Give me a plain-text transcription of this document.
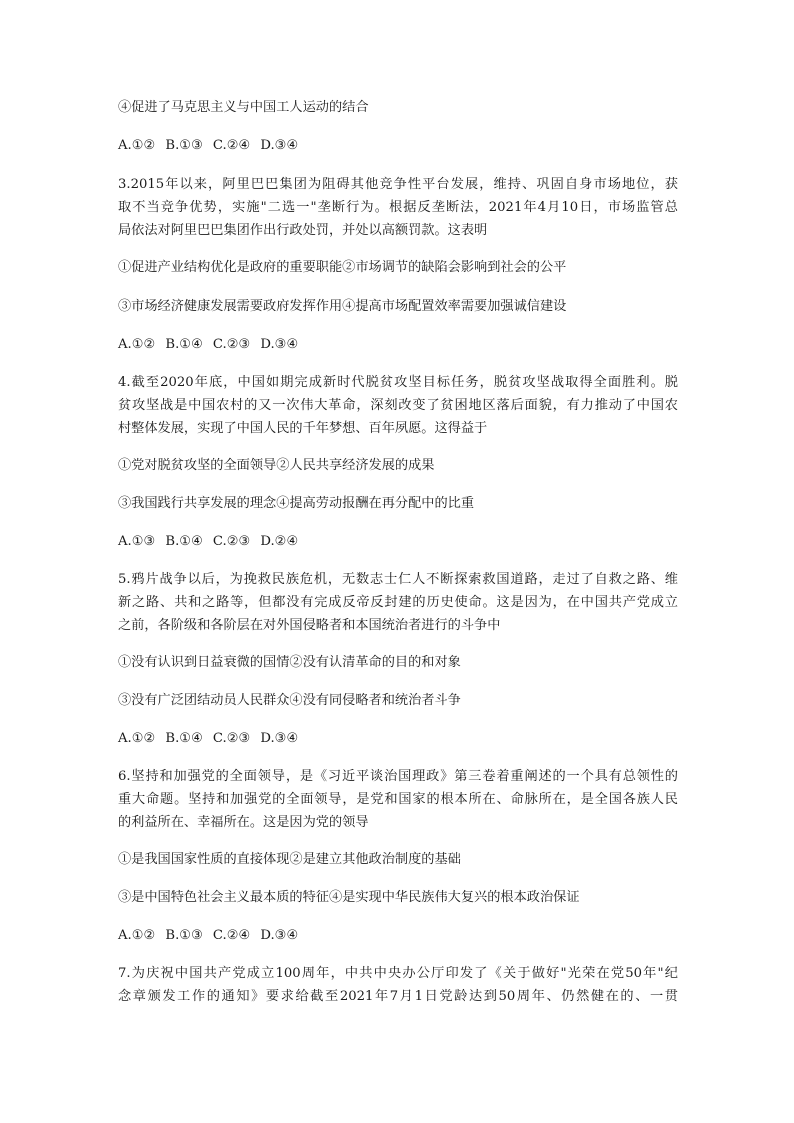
④促进了马克思主义与中国工人运动的结合
A.①② B.①③ C.②④ D.③④
3.2015年以来，阿里巴巴集团为阻碍其他竞争性平台发展，维持、巩固自身市场地位，获
取不当竞争优势，实施"二选一"垄断行为。根据反垄断法，2021年4月10日，市场监管总
局依法对阿里巴巴集团作出行政处罚，并处以高额罚款。这表明
①促进产业结构优化是政府的重要职能②市场调节的缺陷会影响到社会的公平
③市场经济健康发展需要政府发挥作用④提高市场配置效率需要加强诚信建设
A.①② B.①④ C.②③ D.③④
4.截至2020年底，中国如期完成新时代脱贫攻坚目标任务，脱贫攻坚战取得全面胜利。脱
贫攻坚战是中国农村的又一次伟大革命，深刻改变了贫困地区落后面貌，有力推动了中国农
村整体发展，实现了中国人民的千年梦想、百年夙愿。这得益于
①党对脱贫攻坚的全面领导②人民共享经济发展的成果
③我国践行共享发展的理念④提高劳动报酬在再分配中的比重
A.①③ B.①④ C.②③ D.②④
5.鸦片战争以后，为挽救民族危机，无数志士仁人不断探索救国道路，走过了自救之路、维
新之路、共和之路等，但都没有完成反帝反封建的历史使命。这是因为，在中国共产党成立
之前，各阶级和各阶层在对外国侵略者和本国统治者进行的斗争中
①没有认识到日益衰微的国情②没有认清革命的目的和对象
③没有广泛团结动员人民群众④没有同侵略者和统治者斗争
A.①② B.①④ C.②③ D.③④
6.坚持和加强党的全面领导，是《习近平谈治国理政》第三卷着重阐述的一个具有总领性的
重大命题。坚持和加强党的全面领导，是党和国家的根本所在、命脉所在，是全国各族人民
的利益所在、幸福所在。这是因为党的领导
①是我国国家性质的直接体现②是建立其他政治制度的基础
③是中国特色社会主义最本质的特征④是实现中华民族伟大复兴的根本政治保证
A.①② B.①③ C.②④ D.③④
7.为庆祝中国共产党成立100周年，中共中央办公厅印发了《关于做好"光荣在党50年"纪
念章颁发工作的通知》要求给截至2021年7月1日党龄达到50周年、仍然健在的、一贯
